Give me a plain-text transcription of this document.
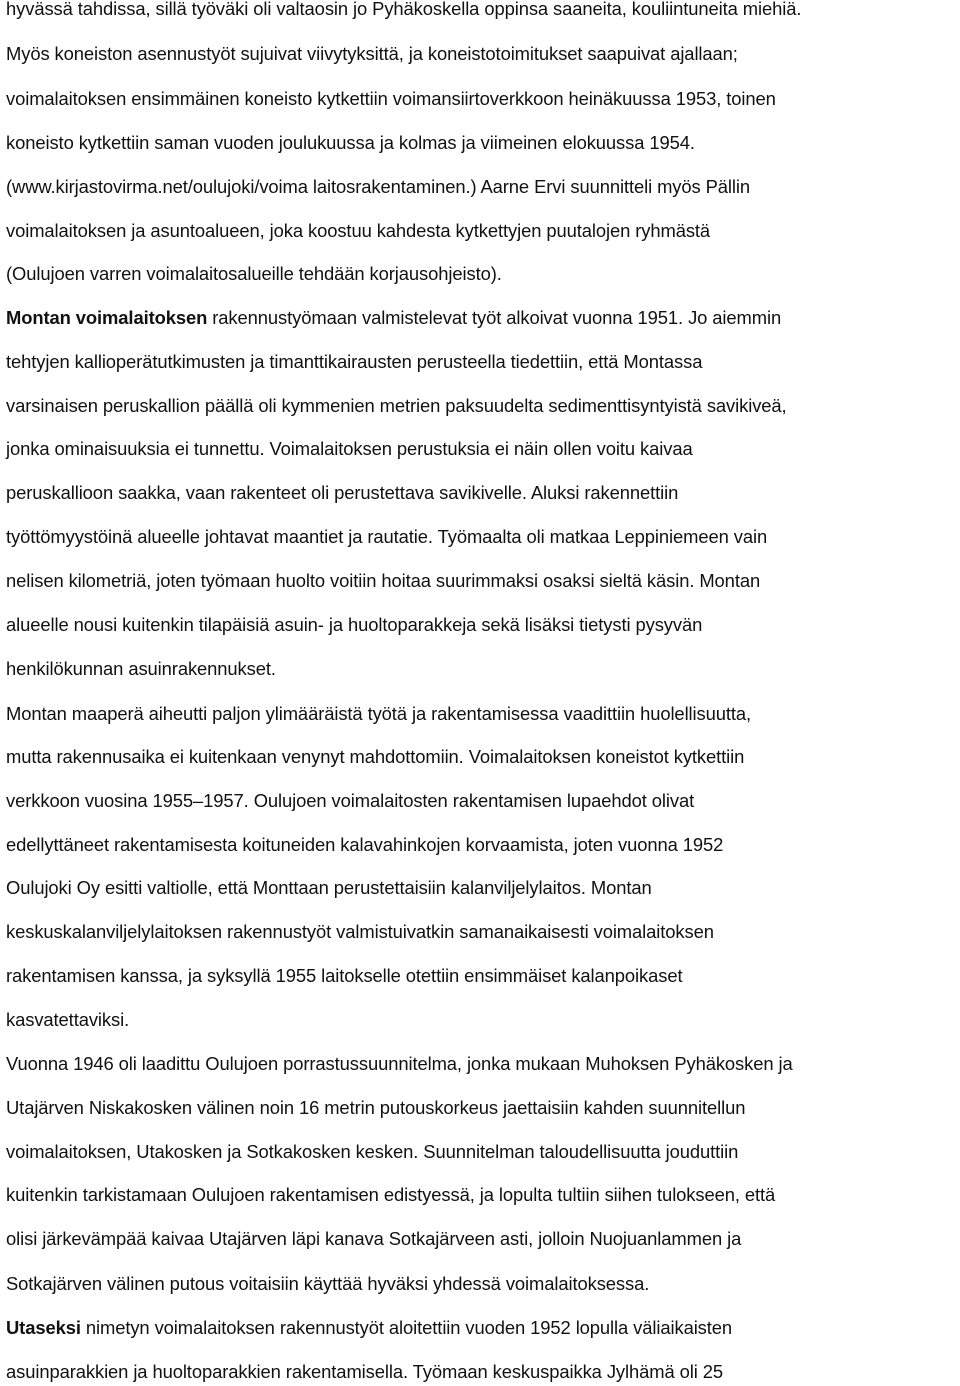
hyvässä tahdissa, sillä työväki oli valtaosin jo Pyhäkoskella oppinsa saaneita, kouliintuneita miehiä.
Myös koneiston asennustyöt sujuivat viivytyksittä, ja koneistotoimitukset saapuivat ajallaan;
voimalaitoksen ensimmäinen koneisto kytkettiin voimansiirtoverkkoon heinäkuussa 1953, toinen
koneisto kytkettiin saman vuoden joulukuussa ja kolmas ja viimeinen elokuussa 1954.
(www.kirjastovirma.net/oulujoki/voima laitosrakentaminen.) Aarne Ervi suunnitteli myös Pällin
voimalaitoksen ja asuntoalueen, joka koostuu kahdesta kytkettyjen puutalojen ryhmästä
(Oulujoen varren voimalaitosalueille tehdään korjausohjeisto).
Montan voimalaitoksen rakennustyömaan valmistelevat työt alkoivat vuonna 1951. Jo aiemmin
tehtyjen kallioperätutkimusten ja timanttikairausten perusteella tiedettiin, että Montassa
varsinaisen peruskallion päällä oli kymmenien metrien paksuudelta sedimenttisyntyistä savikiveä,
jonka ominaisuuksia ei tunnettu. Voimalaitoksen perustuksia ei näin ollen voitu kaivaa
peruskallioon saakka, vaan rakenteet oli perustettava savikivelle. Aluksi rakennettiin
työttömyystöinä alueelle johtavat maantiet ja rautatie. Työmaalta oli matkaa Leppiniemeen vain
nelisen kilometriä, joten työmaan huolto voitiin hoitaa suurimmaksi osaksi sieltä käsin. Montan
alueelle nousi kuitenkin tilapäisiä asuin- ja huoltoparakkeja sekä lisäksi tietysti pysyvän
henkilökunnan asuinrakennukset.
Montan maaperä aiheutti paljon ylimääräistä työtä ja rakentamisessa vaadittiin huolellisuutta,
mutta rakennusaika ei kuitenkaan venynyt mahdottomiin. Voimalaitoksen koneistot kytkettiin
verkkoon vuosina 1955–1957. Oulujoen voimalaitosten rakentamisen lupaehdot olivat
edellyttäneet rakentamisesta koituneiden kalavahinkojen korvaamista, joten vuonna 1952
Oulujoki Oy esitti valtiolle, että Monttaan perustettaisiin kalanviljelylaitos. Montan
keskuskalanviljelylaitoksen rakennustyöt valmistuivatkin samanaikaisesti voimalaitoksen
rakentamisen kanssa, ja syksyllä 1955 laitokselle otettiin ensimmäiset kalanpoikaset
kasvatettaviksi.
Vuonna 1946 oli laadittu Oulujoen porrastussuunnitelma, jonka mukaan Muhoksen Pyhäkosken ja
Utajärven Niskakosken välinen noin 16 metrin putouskorkeus jaettaisiin kahden suunnitellun
voimalaitoksen, Utakosken ja Sotkakosken kesken. Suunnitelman taloudellisuutta jouduttiin
kuitenkin tarkistamaan Oulujoen rakentamisen edistyessä, ja lopulta tultiin siihen tulokseen, että
olisi järkevämpää kaivaa Utajärven läpi kanava Sotkajärveen asti, jolloin Nuojuanlammen ja
Sotkajärven välinen putous voitaisiin käyttää hyväksi yhdessä voimalaitoksessa.
Utaseksi nimetyn voimalaitoksen rakennustyöt aloitettiin vuoden 1952 lopulla väliaikaisten
asuinparakkien ja huoltoparakkien rakentamisella. Työmaan keskuspaikka Jylhämä oli 25
